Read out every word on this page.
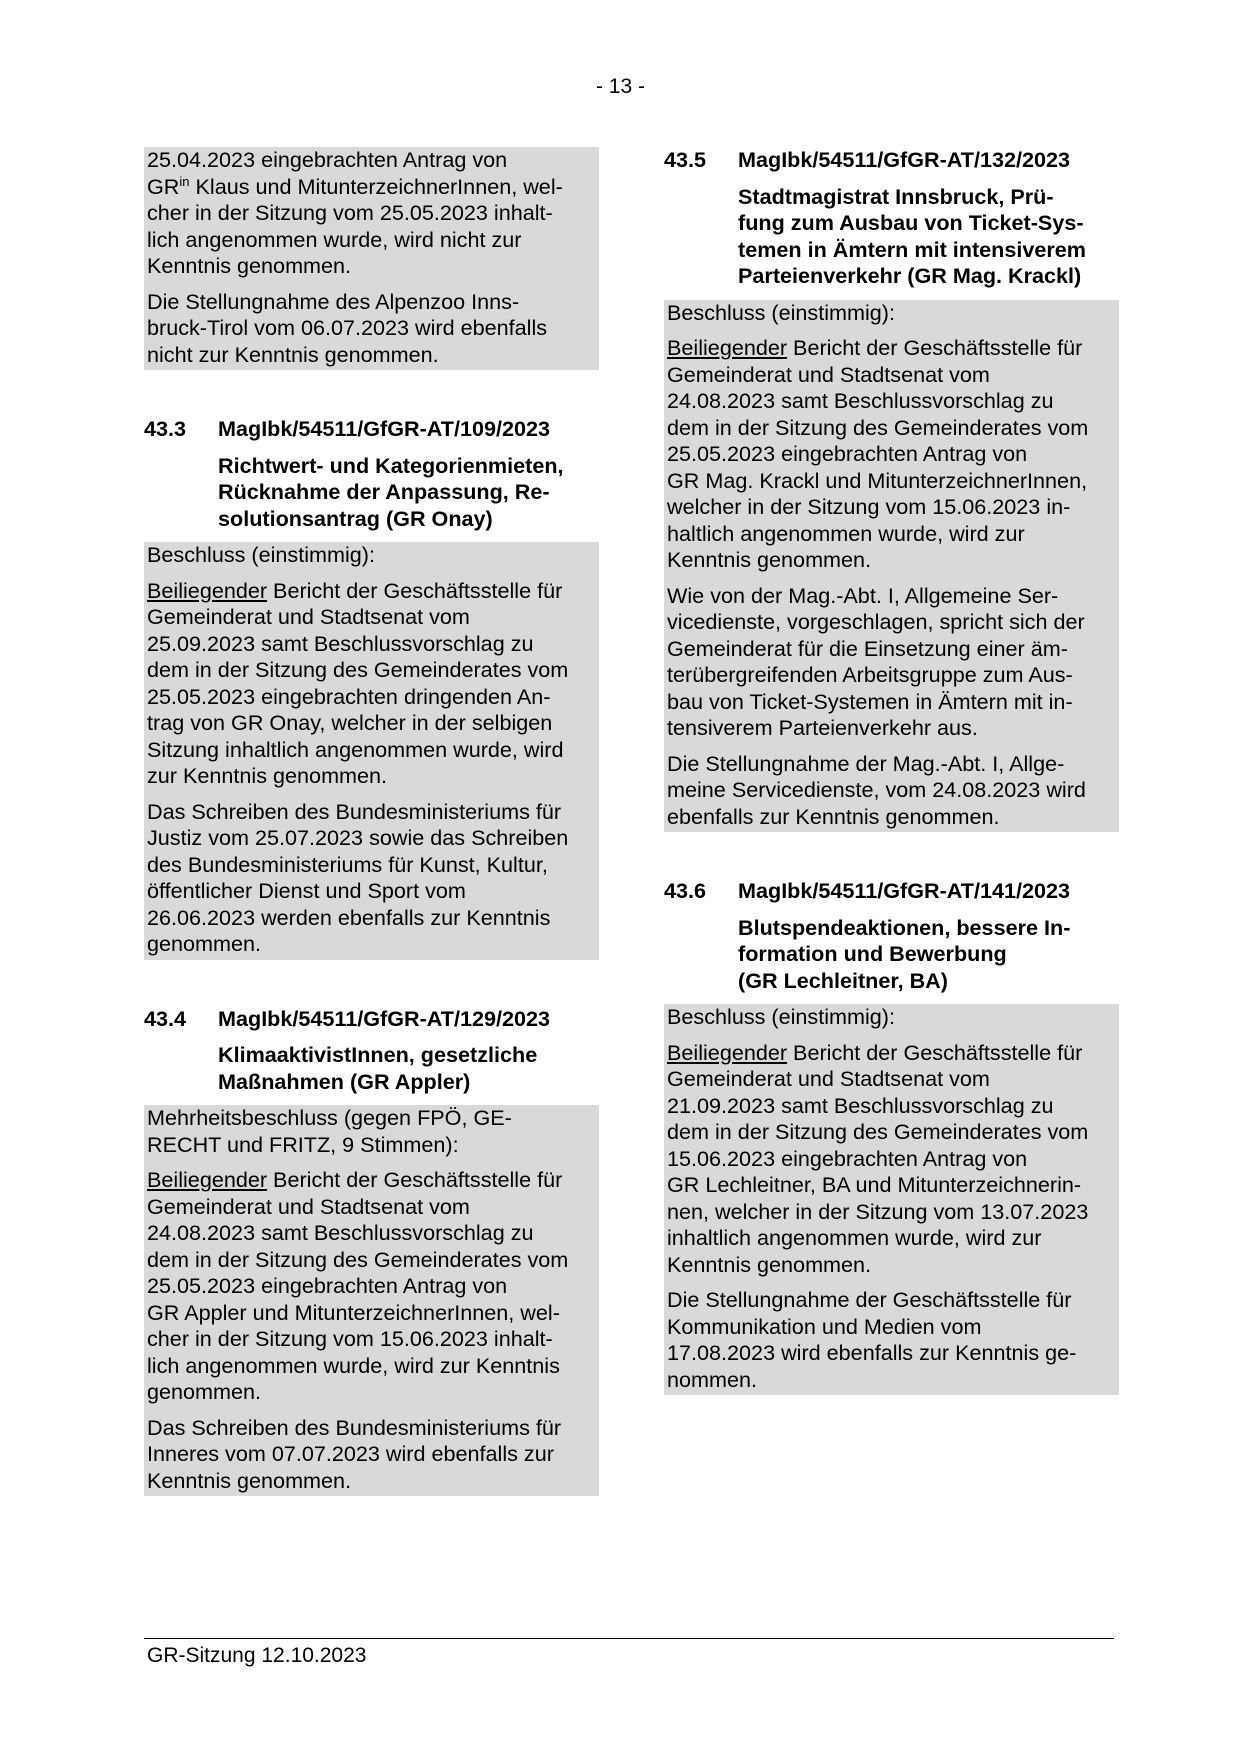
- 13 -

25.04.2023 eingebrachten Antrag von
$GR^{in}$ Klaus und MitunterzeichnerInnen, wel-
cher in der Sitzung vom 25.05.2023 inhalt-
lich angenommen wurde, wird nicht zur
Kenntnis genommen.

Die Stellungnahme des Alpenzoo Inns-
bruck-Tirol vom 06.07.2023 wird ebenfalls
nicht zur Kenntnis genommen.

43.3	MagIbk/54511/GfGR-AT/109/2023
Richtwert- und Kategorienmieten,
Rücknahme der Anpassung, Re-
solutionsantrag (GR Onay)

Beschluss (einstimmig):

Beiliegender Bericht der Geschäftsstelle für
Gemeinderat und Stadtsenat vom
25.09.2023 samt Beschlussvorschlag zu
dem in der Sitzung des Gemeinderates vom
25.05.2023 eingebrachten dringenden An-
trag von GR Onay, welcher in der selbigen
Sitzung inhaltlich angenommen wurde, wird
zur Kenntnis genommen.

Das Schreiben des Bundesministeriums für
Justiz vom 25.07.2023 sowie das Schreiben
des Bundesministeriums für Kunst, Kultur,
öffentlicher Dienst und Sport vom
26.06.2023 werden ebenfalls zur Kenntnis
genommen.

43.4	MagIbk/54511/GfGR-AT/129/2023
KlimaaktivistInnen, gesetzliche
Maßnahmen (GR Appler)

Mehrheitsbeschluss (gegen FPÖ, GE-
RECHT und FRITZ, 9 Stimmen):

Beiliegender Bericht der Geschäftsstelle für
Gemeinderat und Stadtsenat vom
24.08.2023 samt Beschlussvorschlag zu
dem in der Sitzung des Gemeinderates vom
25.05.2023 eingebrachten Antrag von
GR Appler und MitunterzeichnerInnen, wel-
cher in der Sitzung vom 15.06.2023 inhalt-
lich angenommen wurde, wird zur Kenntnis
genommen.

Das Schreiben des Bundesministeriums für
Inneres vom 07.07.2023 wird ebenfalls zur
Kenntnis genommen.

43.5	MagIbk/54511/GfGR-AT/132/2023
Stadtmagistrat Innsbruck, Prü-
fung zum Ausbau von Ticket-Sys-
temen in Ämtern mit intensiverem
Parteienverkehr (GR Mag. Krackl)

Beschluss (einstimmig):

Beiliegender Bericht der Geschäftsstelle für
Gemeinderat und Stadtsenat vom
24.08.2023 samt Beschlussvorschlag zu
dem in der Sitzung des Gemeinderates vom
25.05.2023 eingebrachten Antrag von
GR Mag. Krackl und MitunterzeichnerInnen,
welcher in der Sitzung vom 15.06.2023 in-
haltlich angenommen wurde, wird zur
Kenntnis genommen.

Wie von der Mag.-Abt. I, Allgemeine Ser-
vicedienste, vorgeschlagen, spricht sich der
Gemeinderat für die Einsetzung einer äm-
terübergreifenden Arbeitsgruppe zum Aus-
bau von Ticket-Systemen in Ämtern mit in-
tensiverem Parteienverkehr aus.

Die Stellungnahme der Mag.-Abt. I, Allge-
meine Servicedienste, vom 24.08.2023 wird
ebenfalls zur Kenntnis genommen.

43.6	MagIbk/54511/GfGR-AT/141/2023
Blutspendeaktionen, bessere In-
formation und Bewerbung
(GR Lechleitner, BA)

Beschluss (einstimmig):

Beiliegender Bericht der Geschäftsstelle für
Gemeinderat und Stadtsenat vom
21.09.2023 samt Beschlussvorschlag zu
dem in der Sitzung des Gemeinderates vom
15.06.2023 eingebrachten Antrag von
GR Lechleitner, BA und Mitunterzeichnerin-
nen, welcher in der Sitzung vom 13.07.2023
inhaltlich angenommen wurde, wird zur
Kenntnis genommen.

Die Stellungnahme der Geschäftsstelle für
Kommunikation und Medien vom
17.08.2023 wird ebenfalls zur Kenntnis ge-
nommen.

GR-Sitzung 12.10.2023
